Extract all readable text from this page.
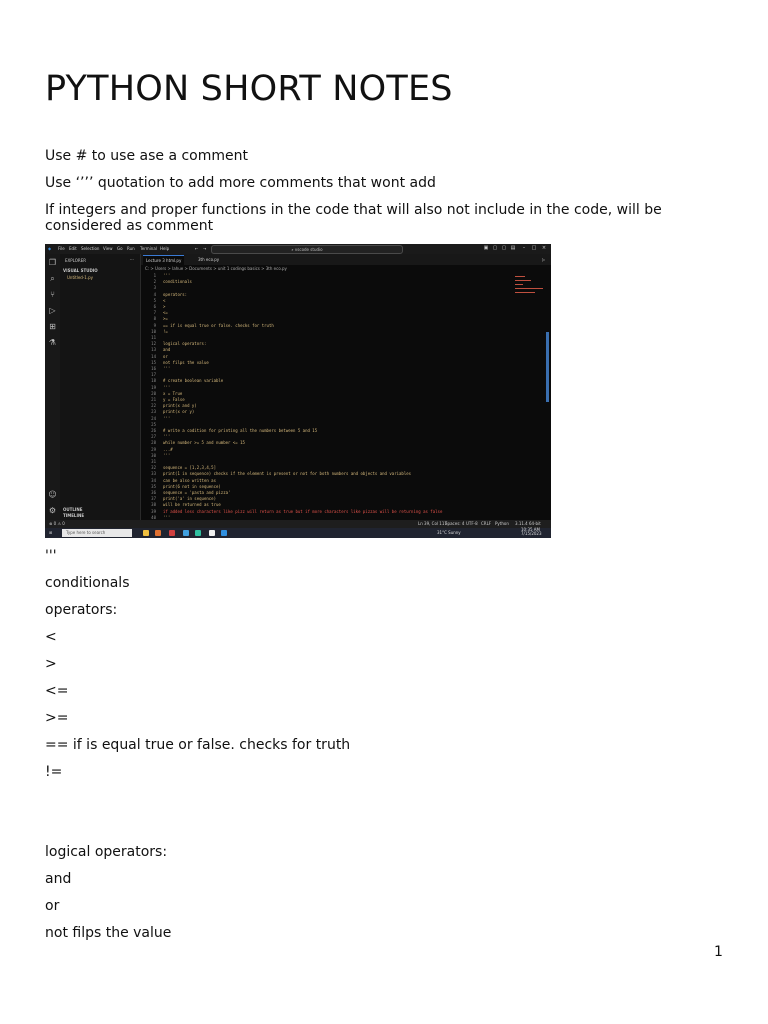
PYTHON SHORT NOTES
Use # to use ase a comment
Use ‘’’’ quotation to add more comments that wont add
If integers and proper functions in the code that will also not include in the code, will be considered as comment
◆ File Edit Selection View Go Run Terminal Help	← →	⌕ vscode studio	▣ ▢ ▢ ▤	–	□ ×
❐
⌕
⑂
▷
⊞
⚗
☺
⚙
EXPLORER	···
VISUAL STUDIO
Untitled-1.py
OUTLINE
TIMELINE
Lecture 3 html.py	3th eco.py	▷
C: > Users > lahue > Documents > unit 1 codings basics > 3th eco.py
1 '''
2 conditionals
3
4 operators:
5 <
6 >
7 <=
8 >=
9 == if is equal true or false. checks for truth
10 !=
11
12 logical operators:
13 and
14 or
15 not filps the value
16 '''
17
18 # create boolean variable
19 '''
20 x = True
21 y = False
22 print(x and y)
23 print(x or y)
24 '''
25
26 # write a codition for printing all the numbers between 5 and 15
27 '''
28 while number >= 5 and number <= 15
29 ...#
30 '''
31
32 sequence = [1,2,3,4,5]
33 print(1 in sequence) checks if the element is present or not for both numbers and objects and variables
34 can be also written as
35 print(6 not in sequence)
36 sequence = 'pasta and pizza'
37 print('a' in sequence)
38 will be returned as true
39 if added less characters like pizz will return as true but if more characters like pizzas will be returning as false
40 '''
⊗ 0 ⚠ 0	Ln 39, Col 117
Spaces: 4 UTF-8 CRLF Python 3.11.4 64-bit
⊞	Type here to search	31°C Sunny
10:35 AM
7/15/2023
'''
conditionals
operators:
<
>
<=
>=
== if is equal true or false. checks for truth
!=
logical operators:
and
or
not filps the value
1
